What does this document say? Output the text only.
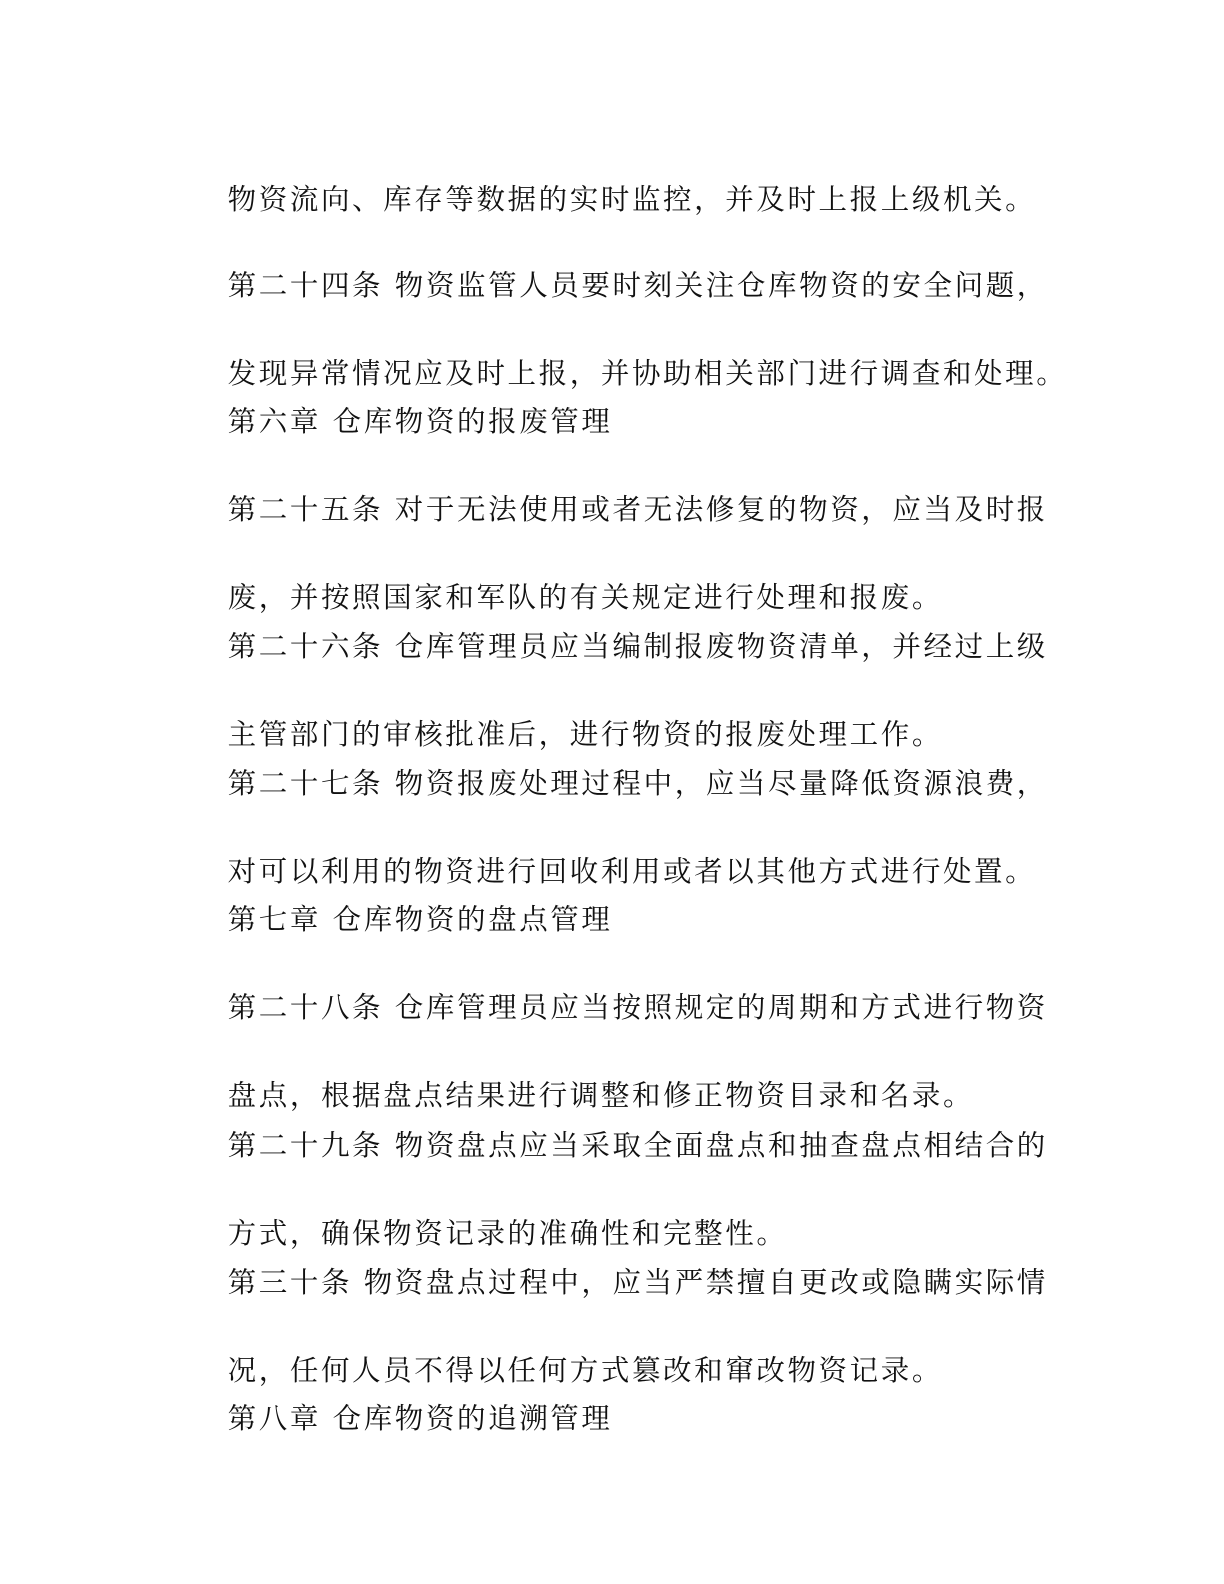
物资流向、库存等数据的实时监控，并及时上报上级机关。

第二十四条 物资监管人员要时刻关注仓库物资的安全问题，

发现异常情况应及时上报，并协助相关部门进行调查和处理。

第六章 仓库物资的报废管理

第二十五条 对于无法使用或者无法修复的物资，应当及时报

废，并按照国家和军队的有关规定进行处理和报废。

第二十六条 仓库管理员应当编制报废物资清单，并经过上级

主管部门的审核批准后，进行物资的报废处理工作。

第二十七条 物资报废处理过程中，应当尽量降低资源浪费，

对可以利用的物资进行回收利用或者以其他方式进行处置。

第七章 仓库物资的盘点管理

第二十八条 仓库管理员应当按照规定的周期和方式进行物资

盘点，根据盘点结果进行调整和修正物资目录和名录。

第二十九条 物资盘点应当采取全面盘点和抽查盘点相结合的

方式，确保物资记录的准确性和完整性。

第三十条 物资盘点过程中，应当严禁擅自更改或隐瞒实际情

况，任何人员不得以任何方式篡改和窜改物资记录。

第八章 仓库物资的追溯管理
